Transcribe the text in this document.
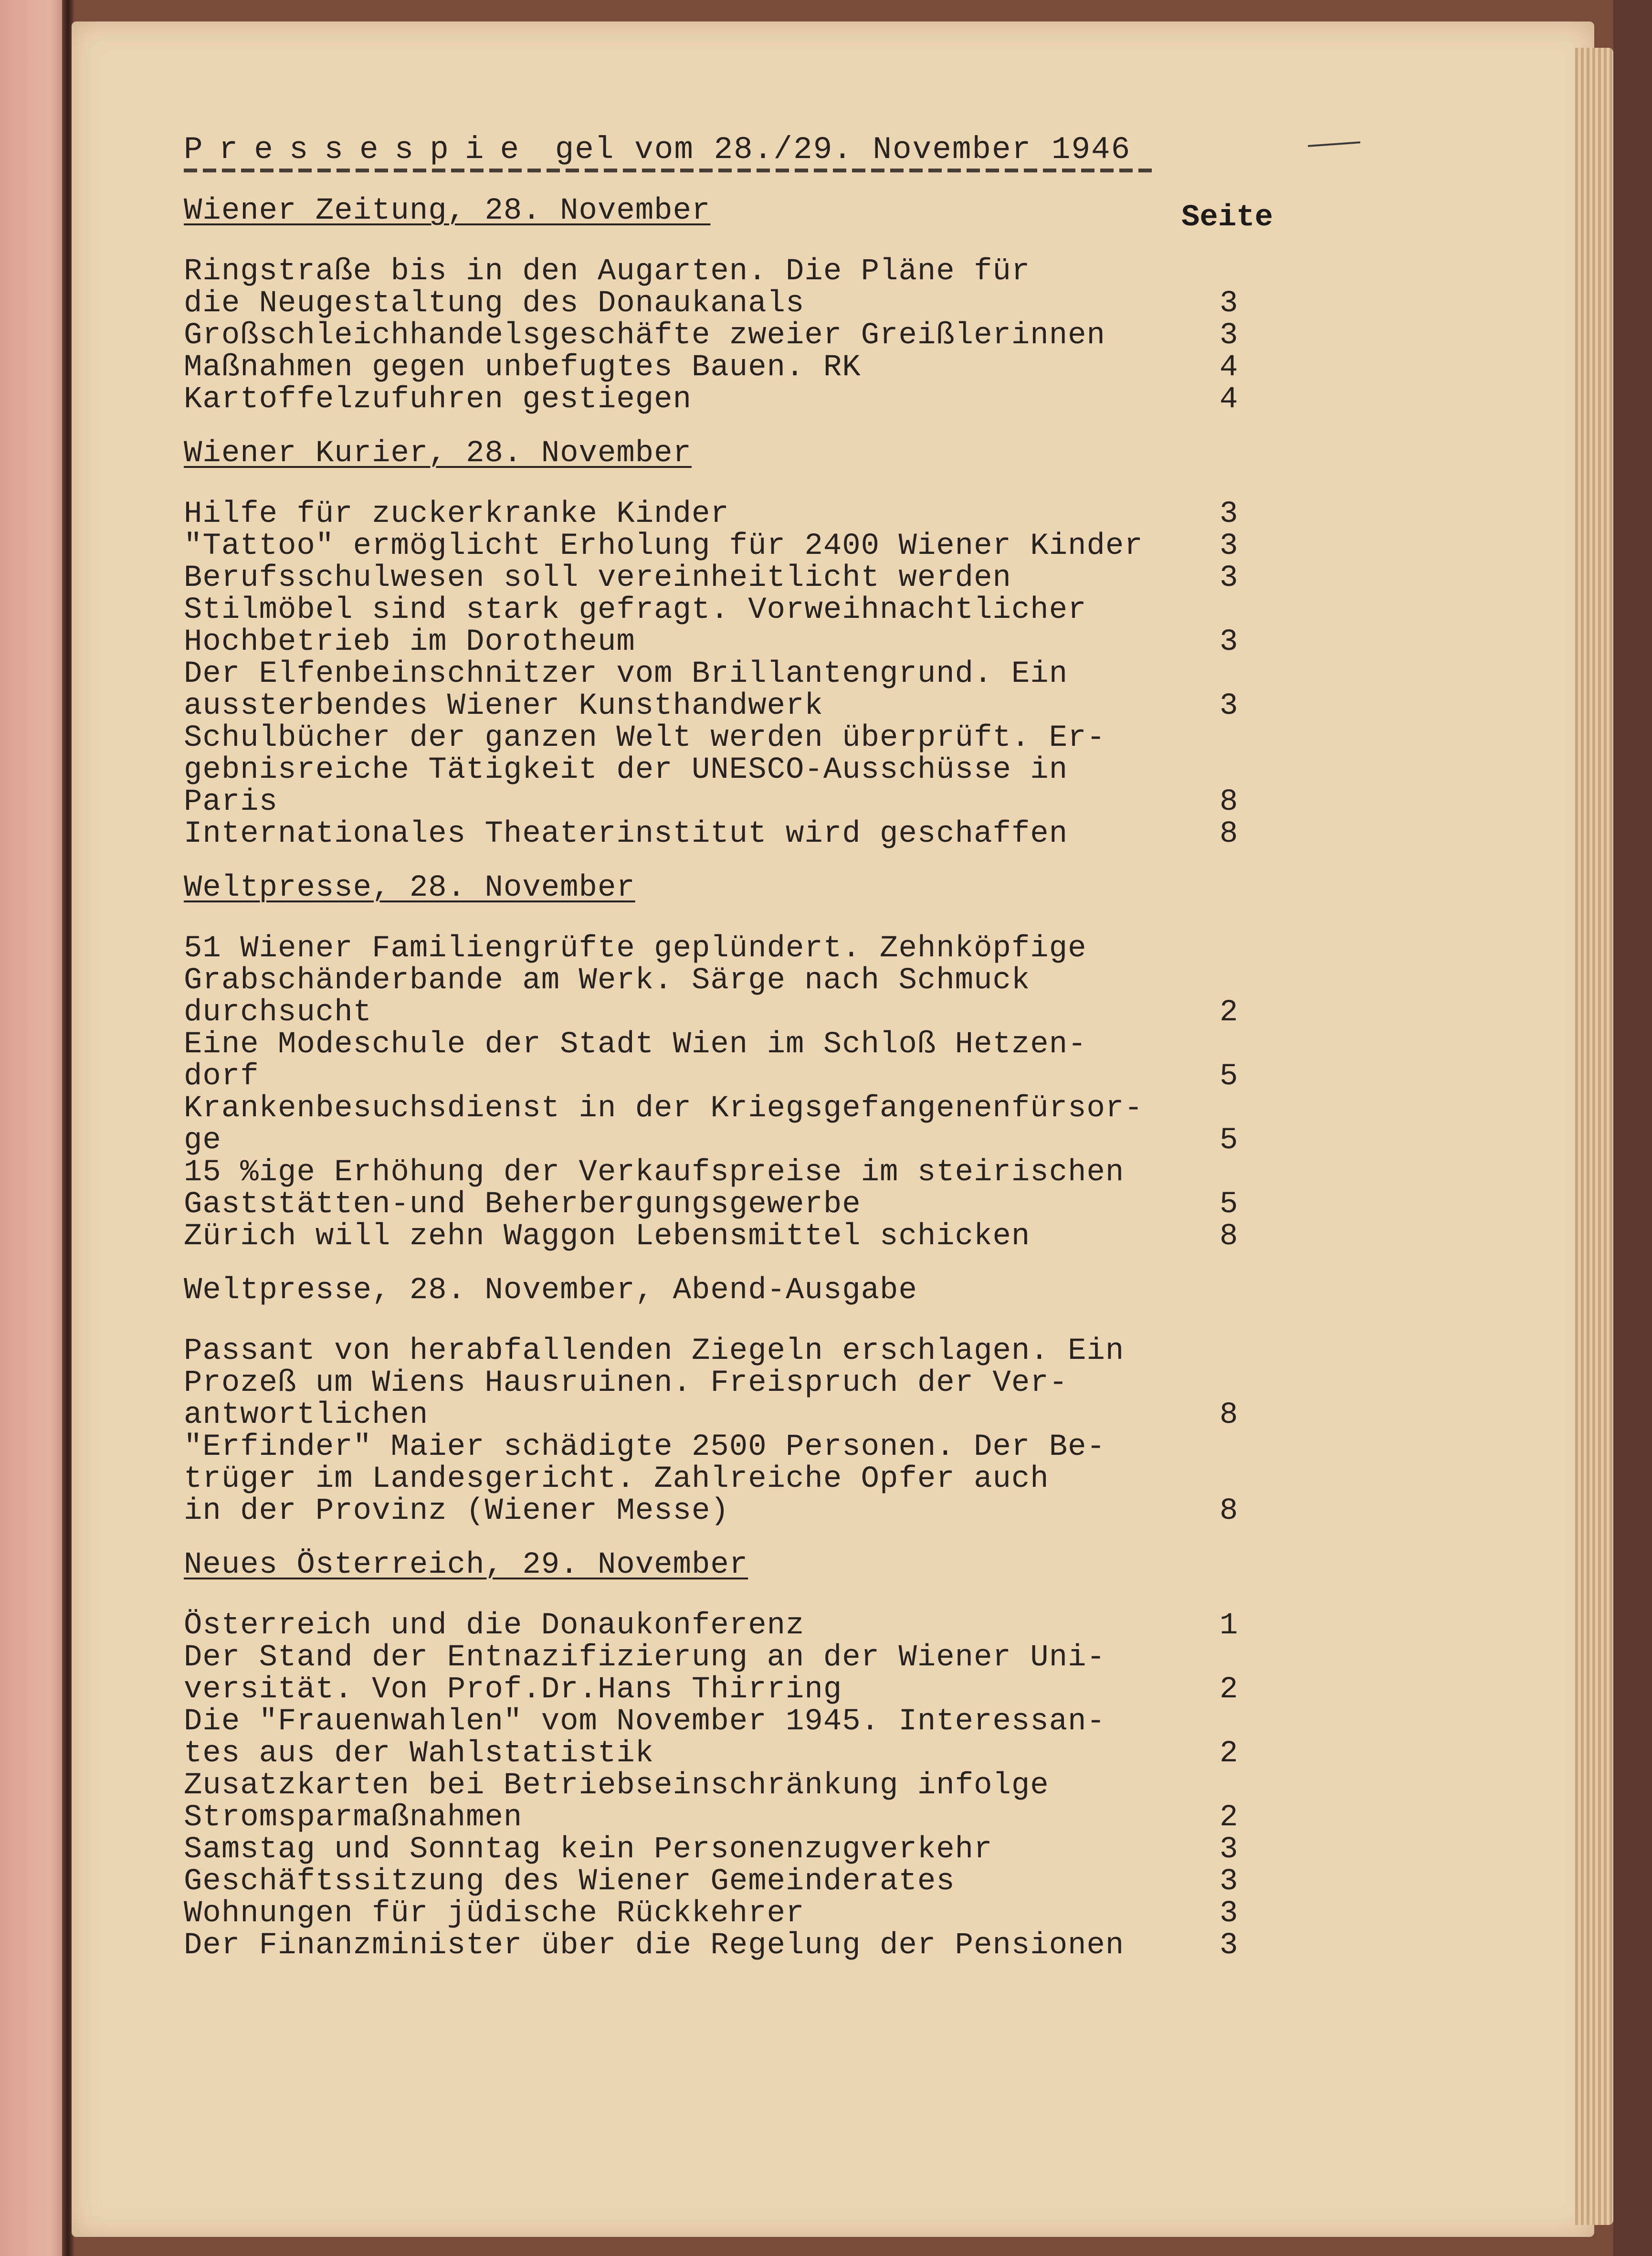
Pressespie gel vom 28./29. November 1946
Seite
Wiener Zeitung, 28. November
Ringstraße bis in den Augarten. Die Pläne für
die Neugestaltung des Donaukanals	3
Großschleichhandelsgeschäfte zweier Greißlerinnen	3
Maßnahmen gegen unbefugtes Bauen. RK	4
Kartoffelzufuhren gestiegen	4
Wiener Kurier, 28. November
Hilfe für zuckerkranke Kinder	3
"Tattoo" ermöglicht Erholung für 2400 Wiener Kinder	3
Berufsschulwesen soll vereinheitlicht werden	3
Stilmöbel sind stark gefragt. Vorweihnachtlicher
Hochbetrieb im Dorotheum	3
Der Elfenbeinschnitzer vom Brillantengrund. Ein
aussterbendes Wiener Kunsthandwerk	3
Schulbücher der ganzen Welt werden überprüft. Er-
gebnisreiche Tätigkeit der UNESCO-Ausschüsse in
Paris	8
Internationales Theaterinstitut wird geschaffen	8
Weltpresse, 28. November
51 Wiener Familiengrüfte geplündert. Zehnköpfige
Grabschänderbande am Werk. Särge nach Schmuck
durchsucht	2
Eine Modeschule der Stadt Wien im Schloß Hetzen-
dorf	5
Krankenbesuchsdienst in der Kriegsgefangenenfürsor-
ge	5
15 %ige Erhöhung der Verkaufspreise im steirischen
Gaststätten-und Beherbergungsgewerbe	5
Zürich will zehn Waggon Lebensmittel schicken	8
Weltpresse, 28. November, Abend-Ausgabe
Passant von herabfallenden Ziegeln erschlagen. Ein
Prozeß um Wiens Hausruinen. Freispruch der Ver-
antwortlichen	8
"Erfinder" Maier schädigte 2500 Personen. Der Be-
trüger im Landesgericht. Zahlreiche Opfer auch
in der Provinz (Wiener Messe)	8
Neues Österreich, 29. November
Österreich und die Donaukonferenz	1
Der Stand der Entnazifizierung an der Wiener Uni-
versität. Von Prof.Dr.Hans Thirring	2
Die "Frauenwahlen" vom November 1945. Interessan-
tes aus der Wahlstatistik	2
Zusatzkarten bei Betriebseinschränkung infolge
Stromsparmaßnahmen	2
Samstag und Sonntag kein Personenzugverkehr	3
Geschäftssitzung des Wiener Gemeinderates	3
Wohnungen für jüdische Rückkehrer	3
Der Finanzminister über die Regelung der Pensionen	3
